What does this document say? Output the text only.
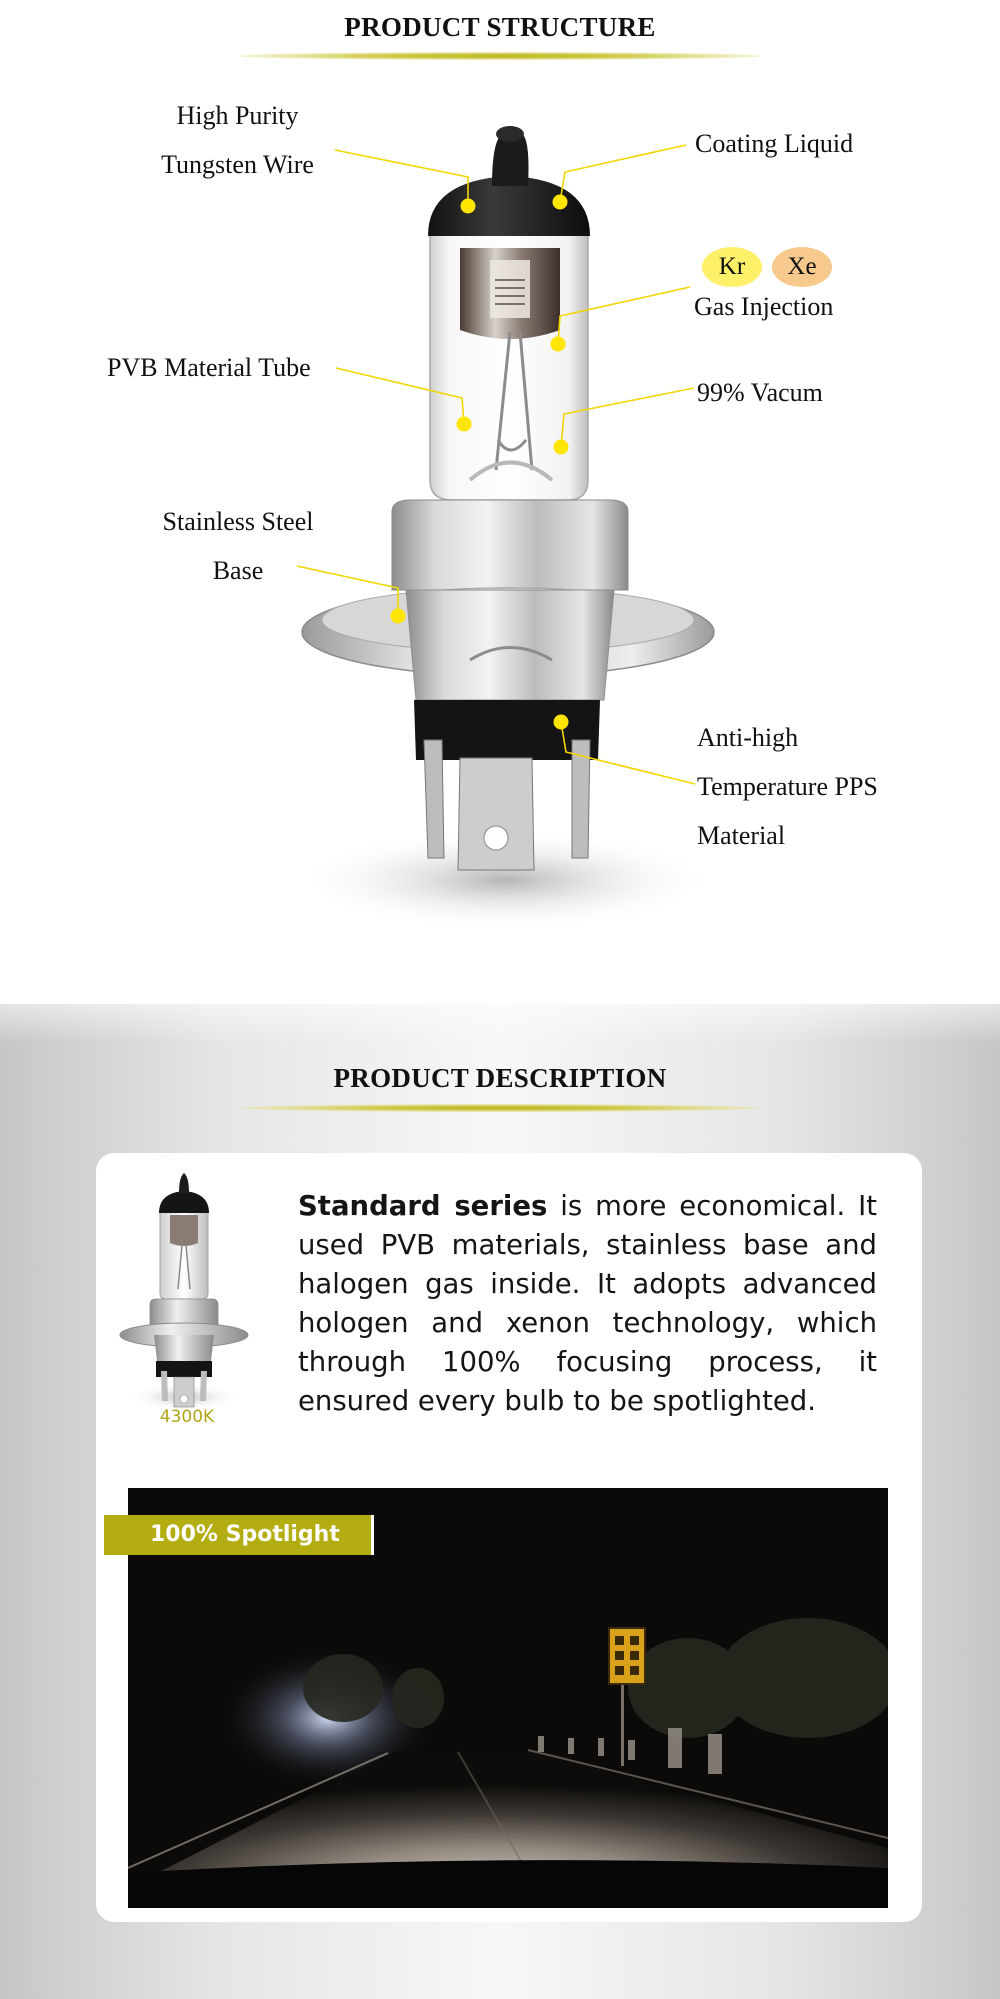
PRODUCT STRUCTURE
High Purity
Tungsten Wire
Coating Liquid
Kr	Xe
Gas Injection
PVB Material Tube
99% Vacum
Stainless Steel
Base
Anti-high
Temperature PPS
Material
PRODUCT DESCRIPTION
4300K

Standard series is more economical. It used PVB materials, stainless base and halogen gas inside. It adopts advanced hologen and xenon technology, which through 100% focusing process, it ensured every bulb to be spotlighted.

100% Spotlight
